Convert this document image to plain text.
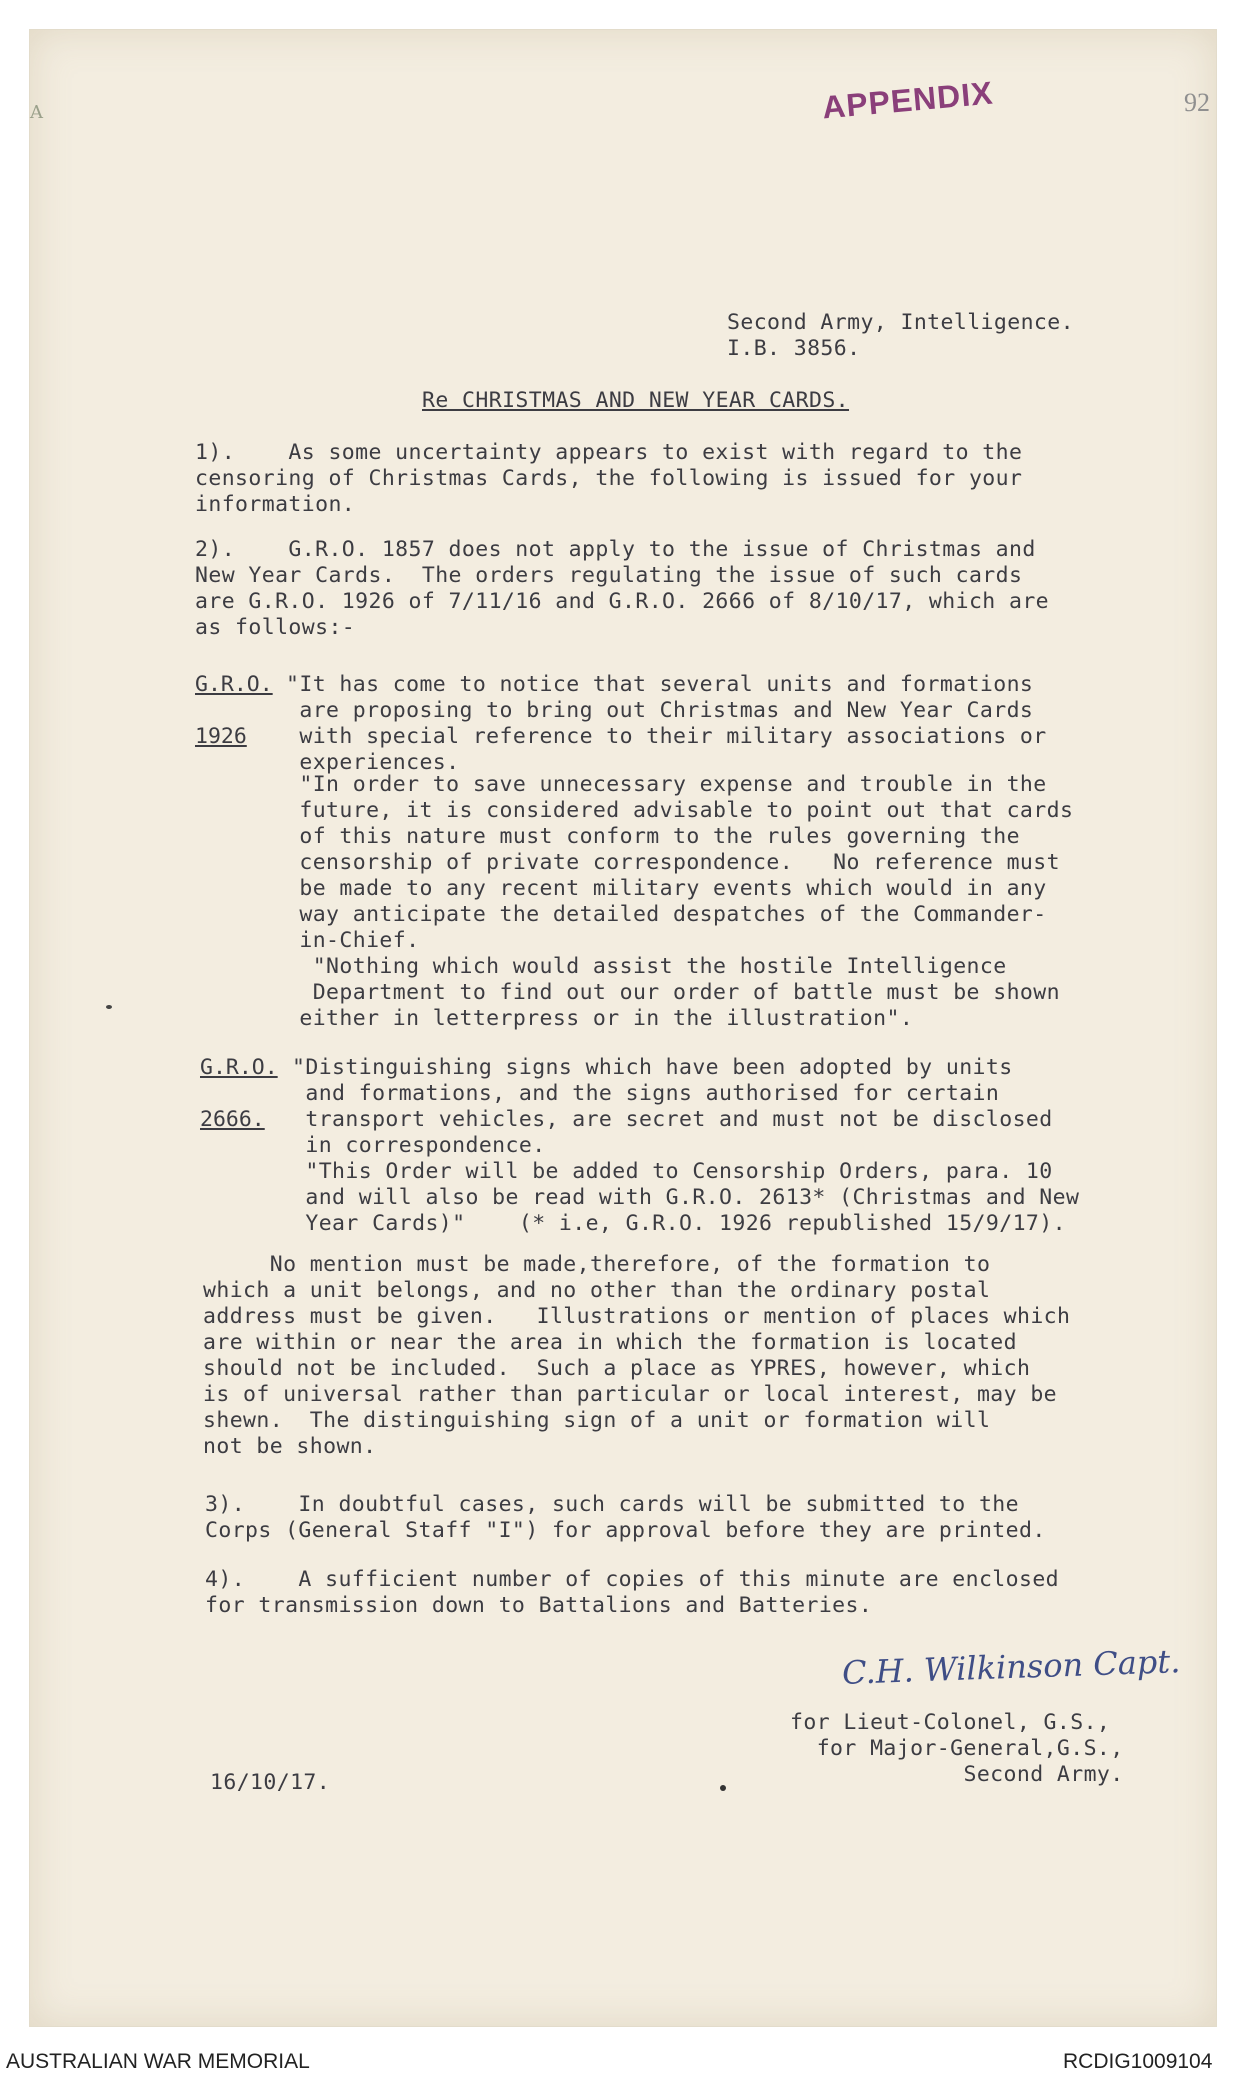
A	APPENDIX	92
Second Army, Intelligence.
I.B. 3856.
Re CHRISTMAS AND NEW YEAR CARDS.
1).    As some uncertainty appears to exist with regard to the
censoring of Christmas Cards, the following is issued for your
information.
2).    G.R.O. 1857 does not apply to the issue of Christmas and
New Year Cards.  The orders regulating the issue of such cards
are G.R.O. 1926 of 7/11/16 and G.R.O. 2666 of 8/10/17, which are
as follows:-
G.R.O.
1926
"It has come to notice that several units and formations
are proposing to bring out Christmas and New Year Cards
with special reference to their military associations or
experiences.
"In order to save unnecessary expense and trouble in the
future, it is considered advisable to point out that cards
of this nature must conform to the rules governing the
censorship of private correspondence.   No reference must
be made to any recent military events which would in any
way anticipate the detailed despatches of the Commander-
in-Chief.
"Nothing which would assist the hostile Intelligence
Department to find out our order of battle must be shown
either in letterpress or in the illustration".
G.R.O.
2666.
"Distinguishing signs which have been adopted by units
and formations, and the signs authorised for certain
transport vehicles, are secret and must not be disclosed
in correspondence.
"This Order will be added to Censorship Orders, para. 10
and will also be read with G.R.O. 2613* (Christmas and New
Year Cards)"    (* i.e, G.R.O. 1926 republished 15/9/17).
No mention must be made,therefore, of the formation to
which a unit belongs, and no other than the ordinary postal
address must be given.   Illustrations or mention of places which
are within or near the area in which the formation is located
should not be included.  Such a place as YPRES, however, which
is of universal rather than particular or local interest, may be
shewn.  The distinguishing sign of a unit or formation will
not be shown.
3).    In doubtful cases, such cards will be submitted to the
Corps (General Staff "I") for approval before they are printed.
4).    A sufficient number of copies of this minute are enclosed
for transmission down to Battalions and Batteries.
C.H. Wilkinson Capt.
for Lieut-Colonel, G.S.,
for Major-General,G.S.,
Second Army.
16/10/17.
AUSTRALIAN WAR MEMORIAL	RCDIG1009104
